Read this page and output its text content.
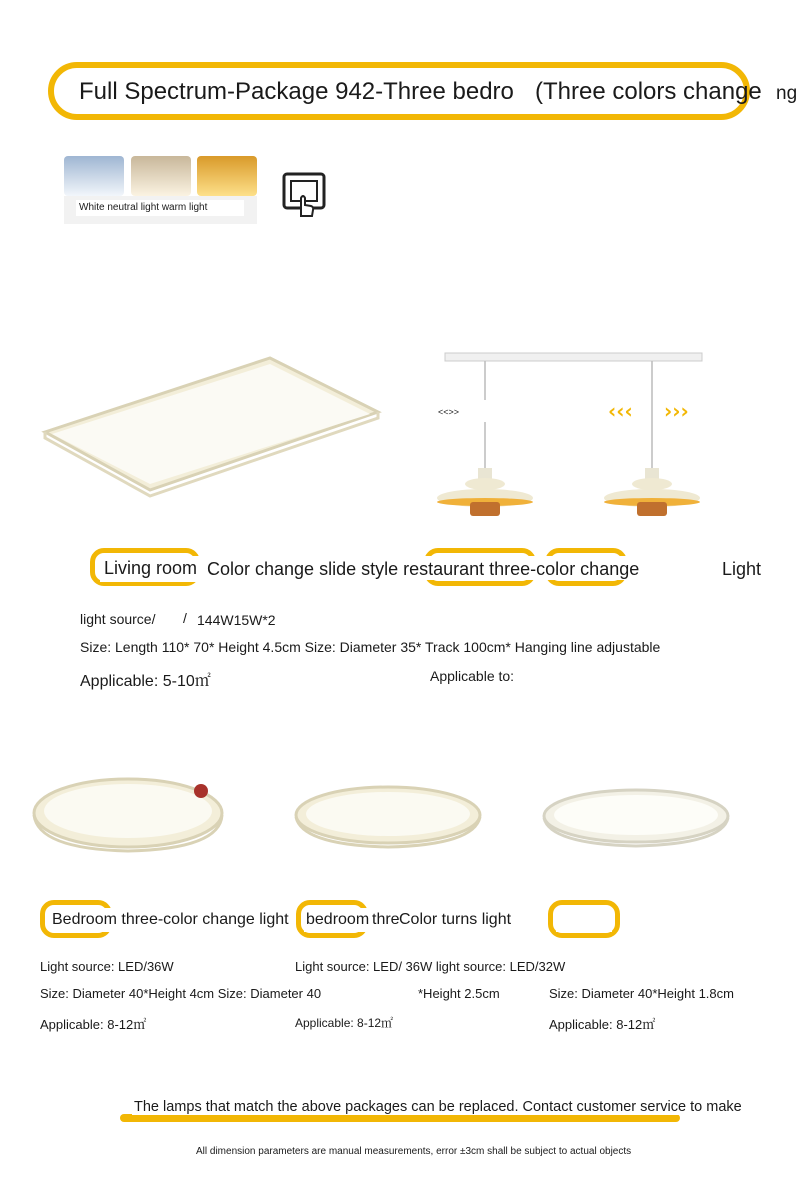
Full Spectrum-Package 942-Three bedro (Three colors change ng
White neutral light warm light
‹‹‹ ›››
<<>>
Living room Color change slide style restaurant three-color change	Light
light source/ / 144W15W*2
Size: Length 110* 70* Height 4.5cm Size: Diameter 35* Track 100cm* Hanging line adjustable
Applicable: 5-10㎡	Applicable to:
Bedroom three-color change light bedroom thre Color turns light
Light source: LED/36W
Size: Diameter 40*Height 4cm Size: Diameter 40
Applicable: 8-12㎡
Light source: LED/ 36W light source: LED/32W
*Height 2.5cm
Applicable: 8-12㎡
Size: Diameter 40*Height 1.8cm
Applicable: 8-12㎡
The lamps that match the above packages can be replaced. Contact customer service to make
All dimension parameters are manual measurements, error ±3cm shall be subject to actual objects
